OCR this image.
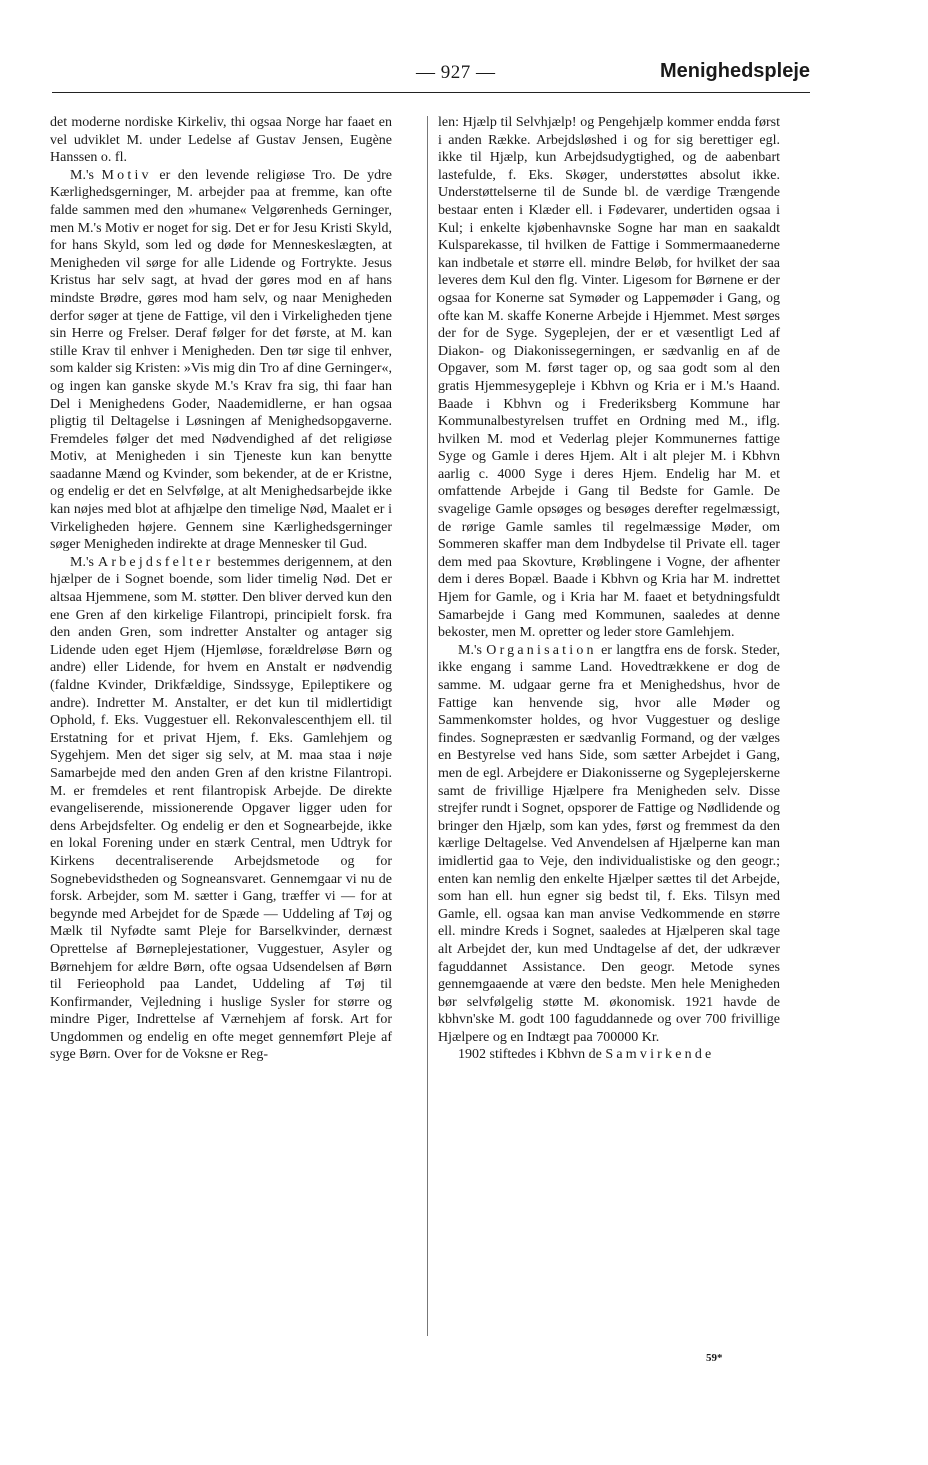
— 927 —	Menighedspleje

det moderne nordiske Kirkeliv, thi ogsaa Norge har faaet en vel udviklet M. under Ledelse af Gustav Jensen, Eugène Hanssen o. fl.

M.'s Motiv er den levende religiøse Tro. De ydre Kærlighedsgerninger, M. arbejder paa at fremme, kan ofte falde sammen med den »humane« Velgørenheds Gerninger, men M.'s Motiv er noget for sig. Det er for Jesu Kristi Skyld, for hans Skyld, som led og døde for Menneskeslægten, at Menigheden vil sørge for alle Lidende og Fortrykte. Jesus Kristus har selv sagt, at hvad der gøres mod en af hans mindste Brødre, gøres mod ham selv, og naar Menigheden derfor søger at tjene de Fattige, vil den i Virkeligheden tjene sin Herre og Frelser. Deraf følger for det første, at M. kan stille Krav til enhver i Menigheden. Den tør sige til enhver, som kalder sig Kristen: »Vis mig din Tro af dine Gerninger«, og ingen kan ganske skyde M.'s Krav fra sig, thi faar han Del i Menighedens Goder, Naademidlerne, er han ogsaa pligtig til Deltagelse i Løsningen af Menighedsopgaverne. Fremdeles følger det med Nødvendighed af det religiøse Motiv, at Menigheden i sin Tjeneste kun kan benytte saadanne Mænd og Kvinder, som bekender, at de er Kristne, og endelig er det en Selvfølge, at alt Menighedsarbejde ikke kan nøjes med blot at afhjælpe den timelige Nød, Maalet er i Virkeligheden højere. Gennem sine Kærlighedsgerninger søger Menigheden indirekte at drage Mennesker til Gud.

M.'s Arbejdsfelter bestemmes derigennem, at den hjælper de i Sognet boende, som lider timelig Nød. Det er altsaa Hjemmene, som M. støtter. Den bliver derved kun den ene Gren af den kirkelige Filantropi, principielt forsk. fra den anden Gren, som indretter Anstalter og antager sig Lidende uden eget Hjem (Hjemløse, forældreløse Børn og andre) eller Lidende, for hvem en Anstalt er nødvendig (faldne Kvinder, Drikfældige, Sindssyge, Epileptikere og andre). Indretter M. Anstalter, er det kun til midlertidigt Ophold, f. Eks. Vuggestuer ell. Rekonvalescenthjem ell. til Erstatning for et privat Hjem, f. Eks. Gamlehjem og Sygehjem. Men det siger sig selv, at M. maa staa i nøje Samarbejde med den anden Gren af den kristne Filantropi. M. er fremdeles et rent filantropisk Arbejde. De direkte evangeliserende, missionerende Opgaver ligger uden for dens Arbejdsfelter. Og endelig er den et Sognearbejde, ikke en lokal Forening under en stærk Central, men Udtryk for Kirkens decentraliserende Arbejdsmetode og for Sognebevidstheden og Sogneansvaret. Gennemgaar vi nu de forsk. Arbejder, som M. sætter i Gang, træffer vi — for at begynde med Arbejdet for de Spæde — Uddeling af Tøj og Mælk til Nyfødte samt Pleje for Barselkvinder, dernæst Oprettelse af Børneplejestationer, Vuggestuer, Asyler og Børnehjem for ældre Børn, ofte ogsaa Udsendelsen af Børn til Ferieophold paa Landet, Uddeling af Tøj til Konfirmander, Vejledning i huslige Sysler for større og mindre Piger, Indrettelse af Værnehjem af forsk. Art for Ungdommen og endelig en ofte meget gennemført Pleje af syge Børn. Over for de Voksne er Reg-

len: Hjælp til Selvhjælp! og Pengehjælp kommer endda først i anden Række. Arbejdsløshed i og for sig berettiger egl. ikke til Hjælp, kun Arbejdsudygtighed, og de aabenbart lastefulde, f. Eks. Skøger, understøttes absolut ikke. Understøttelserne til de Sunde bl. de værdige Trængende bestaar enten i Klæder ell. i Fødevarer, undertiden ogsaa i Kul; i enkelte kjøbenhavnske Sogne har man en saakaldt Kulsparekasse, til hvilken de Fattige i Sommermaanederne kan indbetale et større ell. mindre Beløb, for hvilket der saa leveres dem Kul den flg. Vinter. Ligesom for Børnene er der ogsaa for Konerne sat Symøder og Lappemøder i Gang, og ofte kan M. skaffe Konerne Arbejde i Hjemmet. Mest sørges der for de Syge. Sygeplejen, der er et væsentligt Led af Diakon- og Diakonissegerningen, er sædvanlig en af de Opgaver, som M. først tager op, og saa godt som al den gratis Hjemmesygepleje i Kbhvn og Kria er i M.'s Haand. Baade i Kbhvn og i Frederiksberg Kommune har Kommunalbestyrelsen truffet en Ordning med M., iflg. hvilken M. mod et Vederlag plejer Kommunernes fattige Syge og Gamle i deres Hjem. Alt i alt plejer M. i Kbhvn aarlig c. 4000 Syge i deres Hjem. Endelig har M. et omfattende Arbejde i Gang til Bedste for Gamle. De svagelige Gamle opsøges og besøges derefter regelmæssigt, de rørige Gamle samles til regelmæssige Møder, om Sommeren skaffer man dem Indbydelse til Private ell. tager dem med paa Skovture, Krøblingene i Vogne, der afhenter dem i deres Bopæl. Baade i Kbhvn og Kria har M. indrettet Hjem for Gamle, og i Kria har M. faaet et betydningsfuldt Samarbejde i Gang med Kommunen, saaledes at denne bekoster, men M. opretter og leder store Gamlehjem.

M.'s Organisation er langtfra ens de forsk. Steder, ikke engang i samme Land. Hovedtrækkene er dog de samme. M. udgaar gerne fra et Menighedshus, hvor de Fattige kan henvende sig, hvor alle Møder og Sammenkomster holdes, og hvor Vuggestuer og deslige findes. Sognepræsten er sædvanlig Formand, og der vælges en Bestyrelse ved hans Side, som sætter Arbejdet i Gang, men de egl. Arbejdere er Diakonisserne og Sygeplejerskerne samt de frivillige Hjælpere fra Menigheden selv. Disse strejfer rundt i Sognet, opsporer de Fattige og Nødlidende og bringer den Hjælp, som kan ydes, først og fremmest da den kærlige Deltagelse. Ved Anvendelsen af Hjælperne kan man imidlertid gaa to Veje, den individualistiske og den geogr.; enten kan nemlig den enkelte Hjælper sættes til det Arbejde, som han ell. hun egner sig bedst til, f. Eks. Tilsyn med Gamle, ell. ogsaa kan man anvise Vedkommende en større ell. mindre Kreds i Sognet, saaledes at Hjælperen skal tage alt Arbejdet der, kun med Undtagelse af det, der udkræver faguddannet Assistance. Den geogr. Metode synes gennemgaaende at være den bedste. Men hele Menigheden bør selvfølgelig støtte M. økonomisk. 1921 havde de kbhvn'ske M. godt 100 faguddannede og over 700 frivillige Hjælpere og en Indtægt paa 700000 Kr.

1902 stiftedes i Kbhvn de Samvirkende

59*
